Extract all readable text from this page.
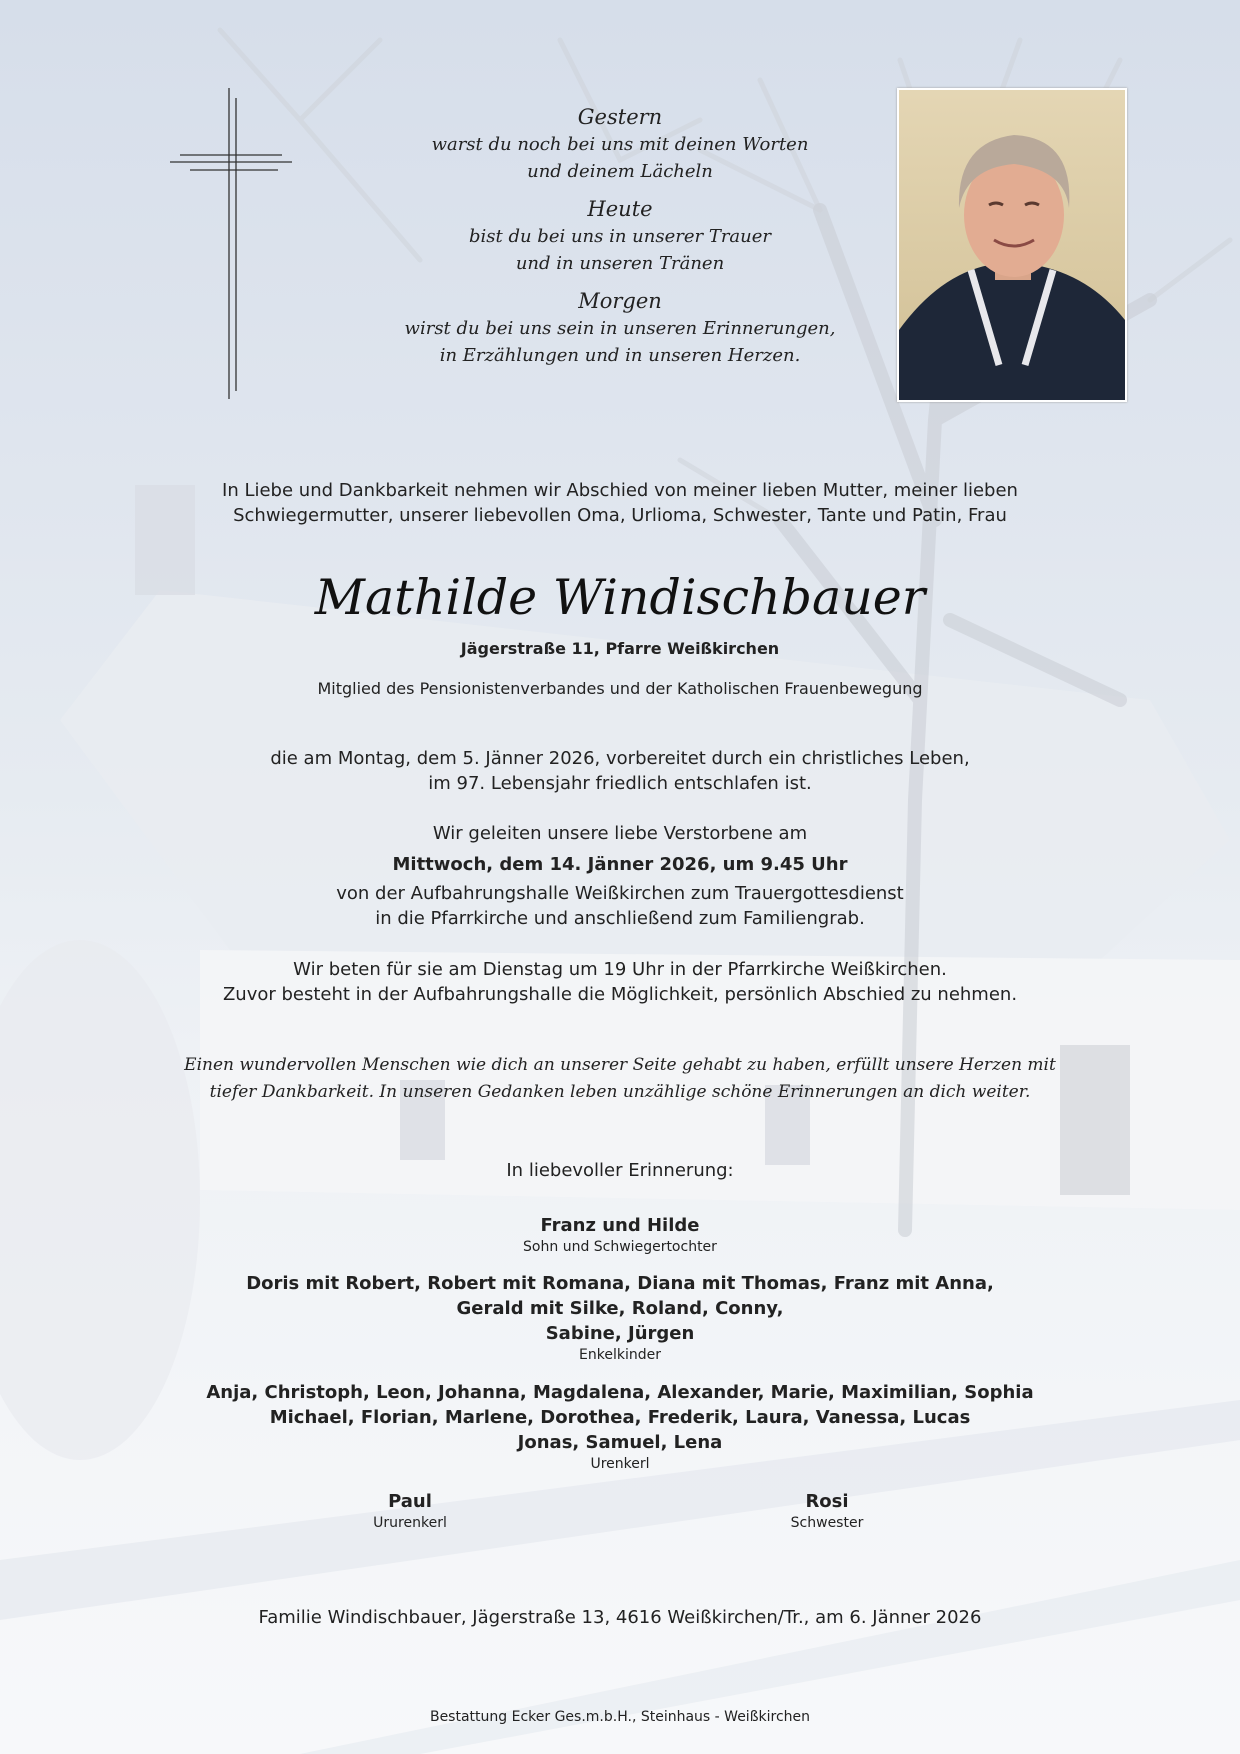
Gestern
warst du noch bei uns mit deinen Worten
und deinem Lächeln
Heute
bist du bei uns in unserer Trauer
und in unseren Tränen
Morgen
wirst du bei uns sein in unseren Erinnerungen,
in Erzählungen und in unseren Herzen.
In Liebe und Dankbarkeit nehmen wir Abschied von meiner lieben Mutter, meiner lieben
Schwiegermutter, unserer liebevollen Oma, Urlioma, Schwester, Tante und Patin, Frau
Mathilde Windischbauer
Jägerstraße 11, Pfarre Weißkirchen
Mitglied des Pensionistenverbandes und der Katholischen Frauenbewegung
die am Montag, dem 5. Jänner 2026, vorbereitet durch ein christliches Leben,
im 97. Lebensjahr friedlich entschlafen ist.
Wir geleiten unsere liebe Verstorbene am
Mittwoch, dem 14. Jänner 2026, um 9.45 Uhr
von der Aufbahrungshalle Weißkirchen zum Trauergottesdienst
in die Pfarrkirche und anschließend zum Familiengrab.
Wir beten für sie am Dienstag um 19 Uhr in der Pfarrkirche Weißkirchen.
Zuvor besteht in der Aufbahrungshalle die Möglichkeit, persönlich Abschied zu nehmen.
Einen wundervollen Menschen wie dich an unserer Seite gehabt zu haben, erfüllt unsere Herzen mit
tiefer Dankbarkeit. In unseren Gedanken leben unzählige schöne Erinnerungen an dich weiter.
In liebevoller Erinnerung:
Franz und Hilde
Sohn und Schwiegertochter
Doris mit Robert, Robert mit Romana, Diana mit Thomas, Franz mit Anna,
Gerald mit Silke, Roland, Conny,
Sabine, Jürgen
Enkelkinder
Anja, Christoph, Leon, Johanna, Magdalena, Alexander, Marie, Maximilian, Sophia
Michael, Florian, Marlene, Dorothea, Frederik, Laura, Vanessa, Lucas
Jonas, Samuel, Lena
Urenkerl
Paul
Ururenkerl
Rosi
Schwester
Familie Windischbauer, Jägerstraße 13, 4616 Weißkirchen/Tr., am 6. Jänner 2026
Bestattung Ecker Ges.m.b.H., Steinhaus - Weißkirchen
